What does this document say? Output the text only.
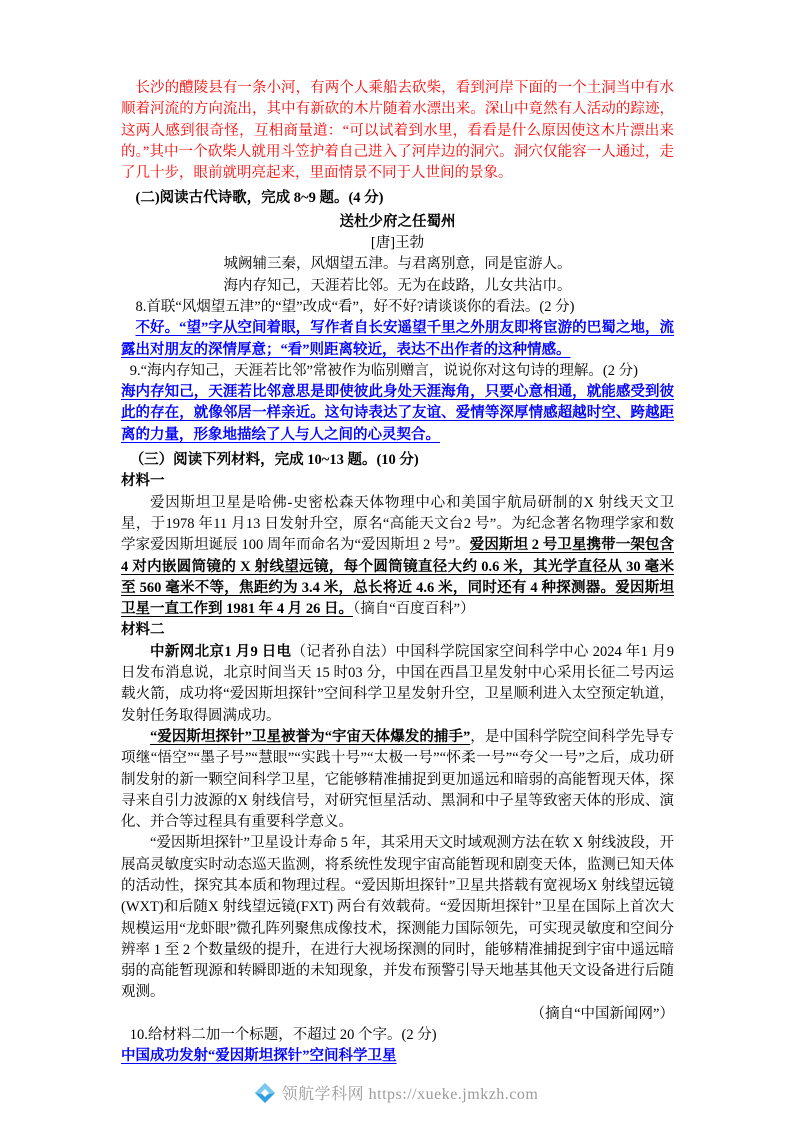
长沙的醴陵县有一条小河，有两个人乘船去砍柴，看到河岸下面的一个土洞当中有水顺着河流的方向流出，其中有新砍的木片随着水漂出来。深山中竟然有人活动的踪迹，这两人感到很奇怪，互相商量道：“可以试着到水里，看看是什么原因使这木片漂出来的。”其中一个砍柴人就用斗笠护着自己进入了河岸边的洞穴。洞穴仅能容一人通过，走了几十步，眼前就明亮起来，里面情景不同于人世间的景象。

(二)阅读古代诗歌，完成 8~9 题。(4 分)

送杜少府之任蜀州

[唐]王勃

城阙辅三秦，风烟望五津。与君离别意，同是宦游人。

海内存知己，天涯若比邻。无为在歧路，儿女共沾巾。

8.首联“风烟望五津”的“望”改成“看”，好不好?请谈谈你的看法。(2 分)

不好。“望”字从空间着眼，写作者自长安遥望千里之外朋友即将宦游的巴蜀之地，流露出对朋友的深情厚意；“看”则距离较近，表达不出作者的这种情感。

9.“海内存知己，天涯若比邻”常被作为临别赠言，说说你对这句诗的理解。(2 分)

海内存知己，天涯若比邻意思是即使彼此身处天涯海角，只要心意相通，就能感受到彼此的存在，就像邻居一样亲近。这句诗表达了友谊、爱情等深厚情感超越时空、跨越距离的力量，形象地描绘了人与人之间的心灵契合。

（三）阅读下列材料，完成 10~13 题。(10 分)

材料一

爱因斯坦卫星是哈佛-史密松森天体物理中心和美国宇航局研制的X 射线天文卫星，于1978 年11 月13 日发射升空，原名“高能天文台2 号”。为纪念著名物理学家和数学家爱因斯坦诞辰 100 周年而命名为“爱因斯坦 2 号”。爱因斯坦 2 号卫星携带一架包含 4 对内嵌圆筒镜的 X 射线望远镜，每个圆筒镜直径大约 0.6 米，其光学直径从 30 毫米至 560 毫米不等，焦距约为 3.4 米，总长将近 4.6 米，同时还有 4 种探测器。爱因斯坦卫星一直工作到 1981 年 4 月 26 日。（摘自“百度百科”）

材料二

中新网北京1 月9 日电（记者孙自法）中国科学院国家空间科学中心 2024 年1 月9 日发布消息说，北京时间当天 15 时03 分，中国在西昌卫星发射中心采用长征二号丙运载火箭，成功将“爱因斯坦探针”空间科学卫星发射升空，卫星顺利进入太空预定轨道，发射任务取得圆满成功。

“爱因斯坦探针”卫星被誉为“宇宙天体爆发的捕手”，是中国科学院空间科学先导专项继“悟空”“墨子号”“慧眼”“实践十号”“太极一号”“怀柔一号”“夸父一号”之后，成功研制发射的新一颗空间科学卫星，它能够精准捕捉到更加遥远和暗弱的高能暂现天体，探寻来自引力波源的X 射线信号，对研究恒星活动、黑洞和中子星等致密天体的形成、演化、并合等过程具有重要科学意义。

“爱因斯坦探针”卫星设计寿命 5 年，其采用天文时域观测方法在软 X 射线波段，开展高灵敏度实时动态巡天监测，将系统性发现宇宙高能暂现和剧变天体，监测已知天体的活动性，探究其本质和物理过程。“爱因斯坦探针”卫星共搭载有宽视场X 射线望远镜(WXT)和后随X 射线望远镜(FXT) 两台有效载荷。“爱因斯坦探针”卫星在国际上首次大规模运用“龙虾眼”微孔阵列聚焦成像技术，探测能力国际领先，可实现灵敏度和空间分辨率 1 至 2 个数量级的提升，在进行大视场探测的同时，能够精准捕捉到宇宙中遥远暗弱的高能暂现源和转瞬即逝的未知现象，并发布预警引导天地基其他天文设备进行后随观测。

（摘自“中国新闻网”）

10.给材料二加一个标题，不超过 20 个字。(2 分)

中国成功发射“爱因斯坦探针”空间科学卫星

领航学科网 https://xueke.jmkzh.com
